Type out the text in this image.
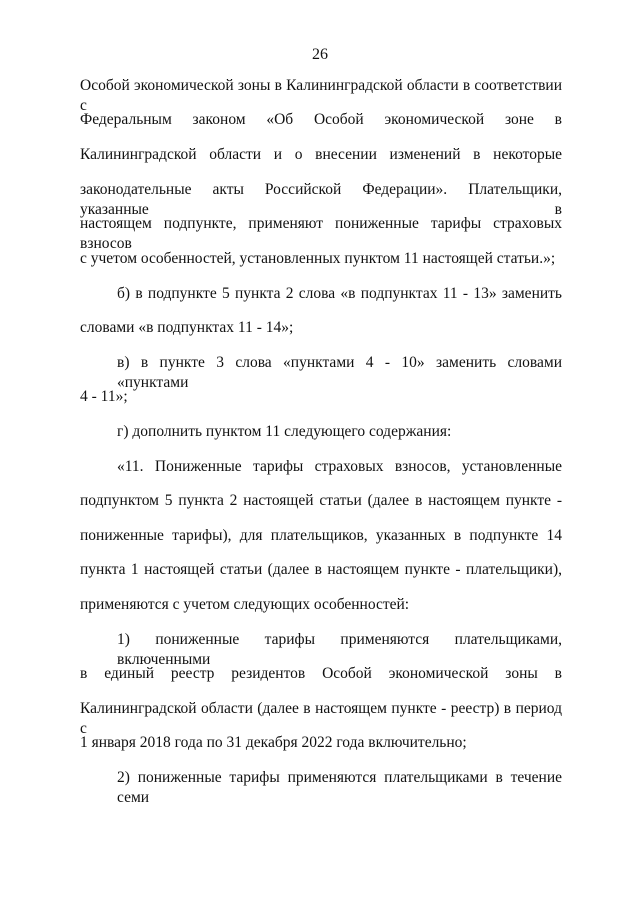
26
Особой экономической зоны в Калининградской области в соответствии с
Федеральным законом «Об Особой экономической зоне в
Калининградской области и о внесении изменений в некоторые
законодательные акты Российской Федерации». Плательщики, указанные в
настоящем подпункте, применяют пониженные тарифы страховых взносов
с учетом особенностей, установленных пунктом 11 настоящей статьи.»;
б) в подпункте 5 пункта 2 слова «в подпунктах 11 - 13» заменить
словами «в подпунктах 11 - 14»;
в) в пункте 3 слова «пунктами 4 - 10» заменить словами «пунктами
4 - 11»;
г) дополнить пунктом 11 следующего содержания:
«11. Пониженные тарифы страховых взносов, установленные
подпунктом 5 пункта 2 настоящей статьи (далее в настоящем пункте -
пониженные тарифы), для плательщиков, указанных в подпункте 14
пункта 1 настоящей статьи (далее в настоящем пункте - плательщики),
применяются с учетом следующих особенностей:
1) пониженные тарифы применяются плательщиками, включенными
в единый реестр резидентов Особой экономической зоны в
Калининградской области (далее в настоящем пункте - реестр) в период с
1 января 2018 года по 31 декабря 2022 года включительно;
2) пониженные тарифы применяются плательщиками в течение семи
